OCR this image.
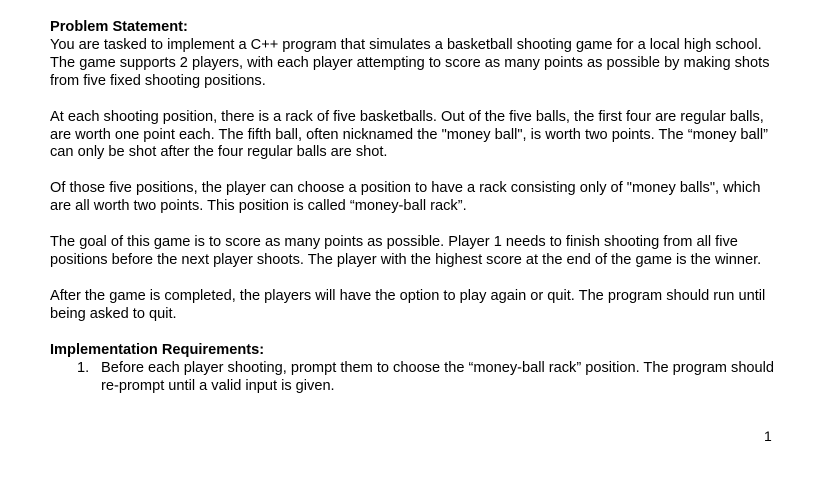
Problem Statement:

You are tasked to implement a C++ program that simulates a basketball shooting game for a local high school. The game supports 2 players, with each player attempting to score as many points as possible by making shots from five fixed shooting positions.

At each shooting position, there is a rack of five basketballs. Out of the five balls, the first four are regular balls, are worth one point each. The fifth ball, often nicknamed the "money ball", is worth two points. The “money ball” can only be shot after the four regular balls are shot.

Of those five positions, the player can choose a position to have a rack consisting only of "money balls", which are all worth two points. This position is called “money-ball rack”.

The goal of this game is to score as many points as possible. Player 1 needs to finish shooting from all five positions before the next player shoots. The player with the highest score at the end of the game is the winner.

After the game is completed, the players will have the option to play again or quit. The program should run until being asked to quit.

Implementation Requirements:

1. Before each player shooting, prompt them to choose the “money-ball rack” position. The program should re-prompt until a valid input is given.
1
